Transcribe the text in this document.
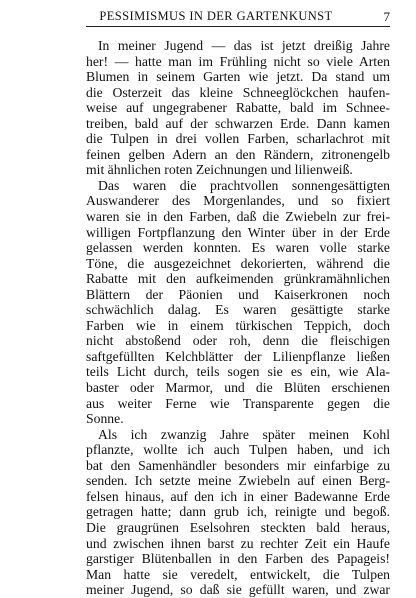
PESSIMISMUS IN DER GARTENKUNST	7
In meiner Jugend — das ist jetzt dreißig Jahre
her! — hatte man im Frühling nicht so viele Arten
Blumen in seinem Garten wie jetzt. Da stand um
die Osterzeit das kleine Schneeglöckchen haufen-
weise auf ungegrabener Rabatte, bald im Schnee-
treiben, bald auf der schwarzen Erde. Dann kamen
die Tulpen in drei vollen Farben, scharlachrot mit
feinen gelben Adern an den Rändern, zitronengelb
mit ähnlichen roten Zeichnungen und lilienweiß.
Das waren die prachtvollen sonnengesättigten
Auswanderer des Morgenlandes, und so fixiert
waren sie in den Farben, daß die Zwiebeln zur frei-
willigen Fortpflanzung den Winter über in der Erde
gelassen werden konnten. Es waren volle starke
Töne, die ausgezeichnet dekorierten, während die
Rabatte mit den aufkeimenden grünkramähnlichen
Blättern der Päonien und Kaiserkronen noch
schwächlich dalag. Es waren gesättigte starke
Farben wie in einem türkischen Teppich, doch
nicht abstoßend oder roh, denn die fleischigen
saftgefüllten Kelchblätter der Lilienpflanze ließen
teils Licht durch, teils sogen sie es ein, wie Ala-
baster oder Marmor, und die Blüten erschienen
aus weiter Ferne wie Transparente gegen die
Sonne.
Als ich zwanzig Jahre später meinen Kohl
pflanzte, wollte ich auch Tulpen haben, und ich
bat den Samenhändler besonders mir einfarbige zu
senden. Ich setzte meine Zwiebeln auf einen Berg-
felsen hinaus, auf den ich in einer Badewanne Erde
getragen hatte; dann grub ich, reinigte und begoß.
Die graugrünen Eselsohren steckten bald heraus,
und zwischen ihnen barst zu rechter Zeit ein Haufe
garstiger Blütenballen in den Farben des Papageis!
Man hatte sie veredelt, entwickelt, die Tulpen
meiner Jugend, so daß sie gefüllt waren, und zwar
